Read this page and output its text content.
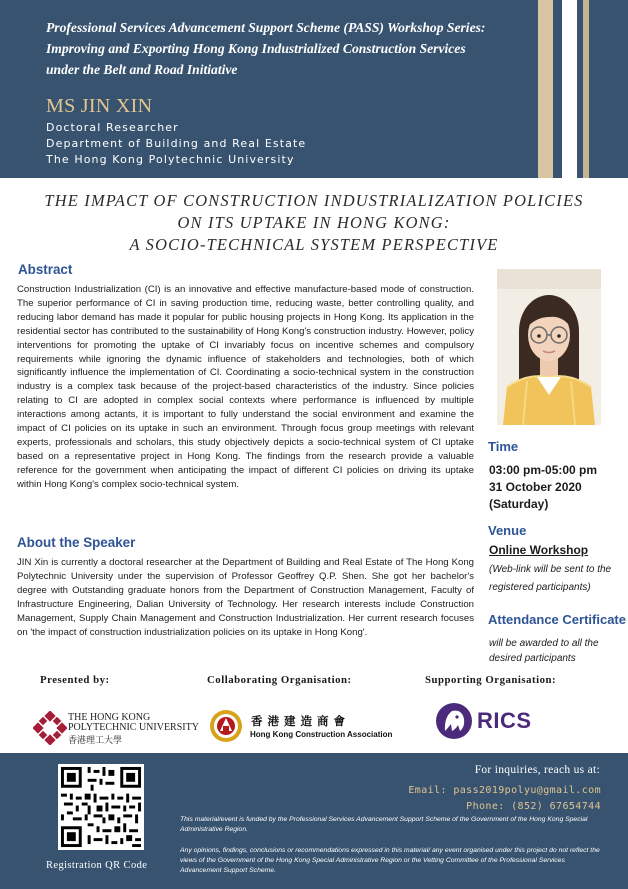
Professional Services Advancement Support Scheme (PASS) Workshop Series:
Improving and Exporting Hong Kong Industrialized Construction Services
under the Belt and Road Initiative
MS JIN XIN
Doctoral Researcher
Department of Building and Real Estate
The Hong Kong Polytechnic University
THE IMPACT OF CONSTRUCTION INDUSTRIALIZATION POLICIES
ON ITS UPTAKE IN HONG KONG:
A SOCIO-TECHNICAL SYSTEM PERSPECTIVE
Abstract
Construction Industrialization (CI) is an innovative and effective manufacture-based mode of construction. The superior performance of CI in saving production time, reducing waste, better controlling quality, and reducing labor demand has made it popular for public housing projects in Hong Kong. Its application in the residential sector has contributed to the sustainability of Hong Kong's construction industry. However, policy interventions for promoting the uptake of CI invariably focus on incentive schemes and compulsory requirements while ignoring the dynamic influence of stakeholders and technologies, both of which significantly influence the implementation of CI. Coordinating a socio-technical system in the construction industry is a complex task because of the project-based characteristics of the industry. Since policies relating to CI are adopted in complex social contexts where performance is influenced by multiple interactions among actants, it is important to fully understand the social environment and examine the impact of CI policies on its uptake in such an environment. Through focus group meetings with relevant experts, professionals and scholars, this study objectively depicts a socio-technical system of CI uptake based on a representative project in Hong Kong. The findings from the research provide a valuable reference for the government when anticipating the impact of different CI policies on driving its uptake within Hong Kong's complex socio-technical system.
About the Speaker
JIN Xin is currently a doctoral researcher at the Department of Building and Real Estate of The Hong Kong Polytechnic University under the supervision of Professor Geoffrey Q.P. Shen. She got her bachelor's degree with Outstanding graduate honors from the Department of Construction Management, Faculty of Infrastructure Engineering, Dalian University of Technology. Her research interests include Construction Management, Supply Chain Management and Construction Industrialization. Her current research focuses on 'the impact of construction industrialization policies on its uptake in Hong Kong'.
Time
03:00 pm-05:00 pm
31 October 2020
(Saturday)
Venue
Online Workshop
(Web-link will be sent to the
registered participants)
Attendance Certificate
will be awarded to all the
desired participants
Presented by:	Collaborating Organisation:	Supporting Organisation:
THE HONG KONG
POLYTECHNIC UNIVERSITY
香港理工大學
香 港 建 造 商 會
Hong Kong Construction Association
RICS
Registration QR Code
For inquiries, reach us at:
Email: pass2019polyu@gmail.com
Phone: (852) 67654744
This material/event is funded by the Professional Services Advancement Support Scheme of the Government of the Hong Kong Special Administrative Region.
Any opinions, findings, conclusions or recommendations expressed in this material/ any event organised under this project do not reflect the views of the Government of the Hong Kong Special Administrative Region or the Vetting Committee of the Professional Services Advancement Support Scheme.
